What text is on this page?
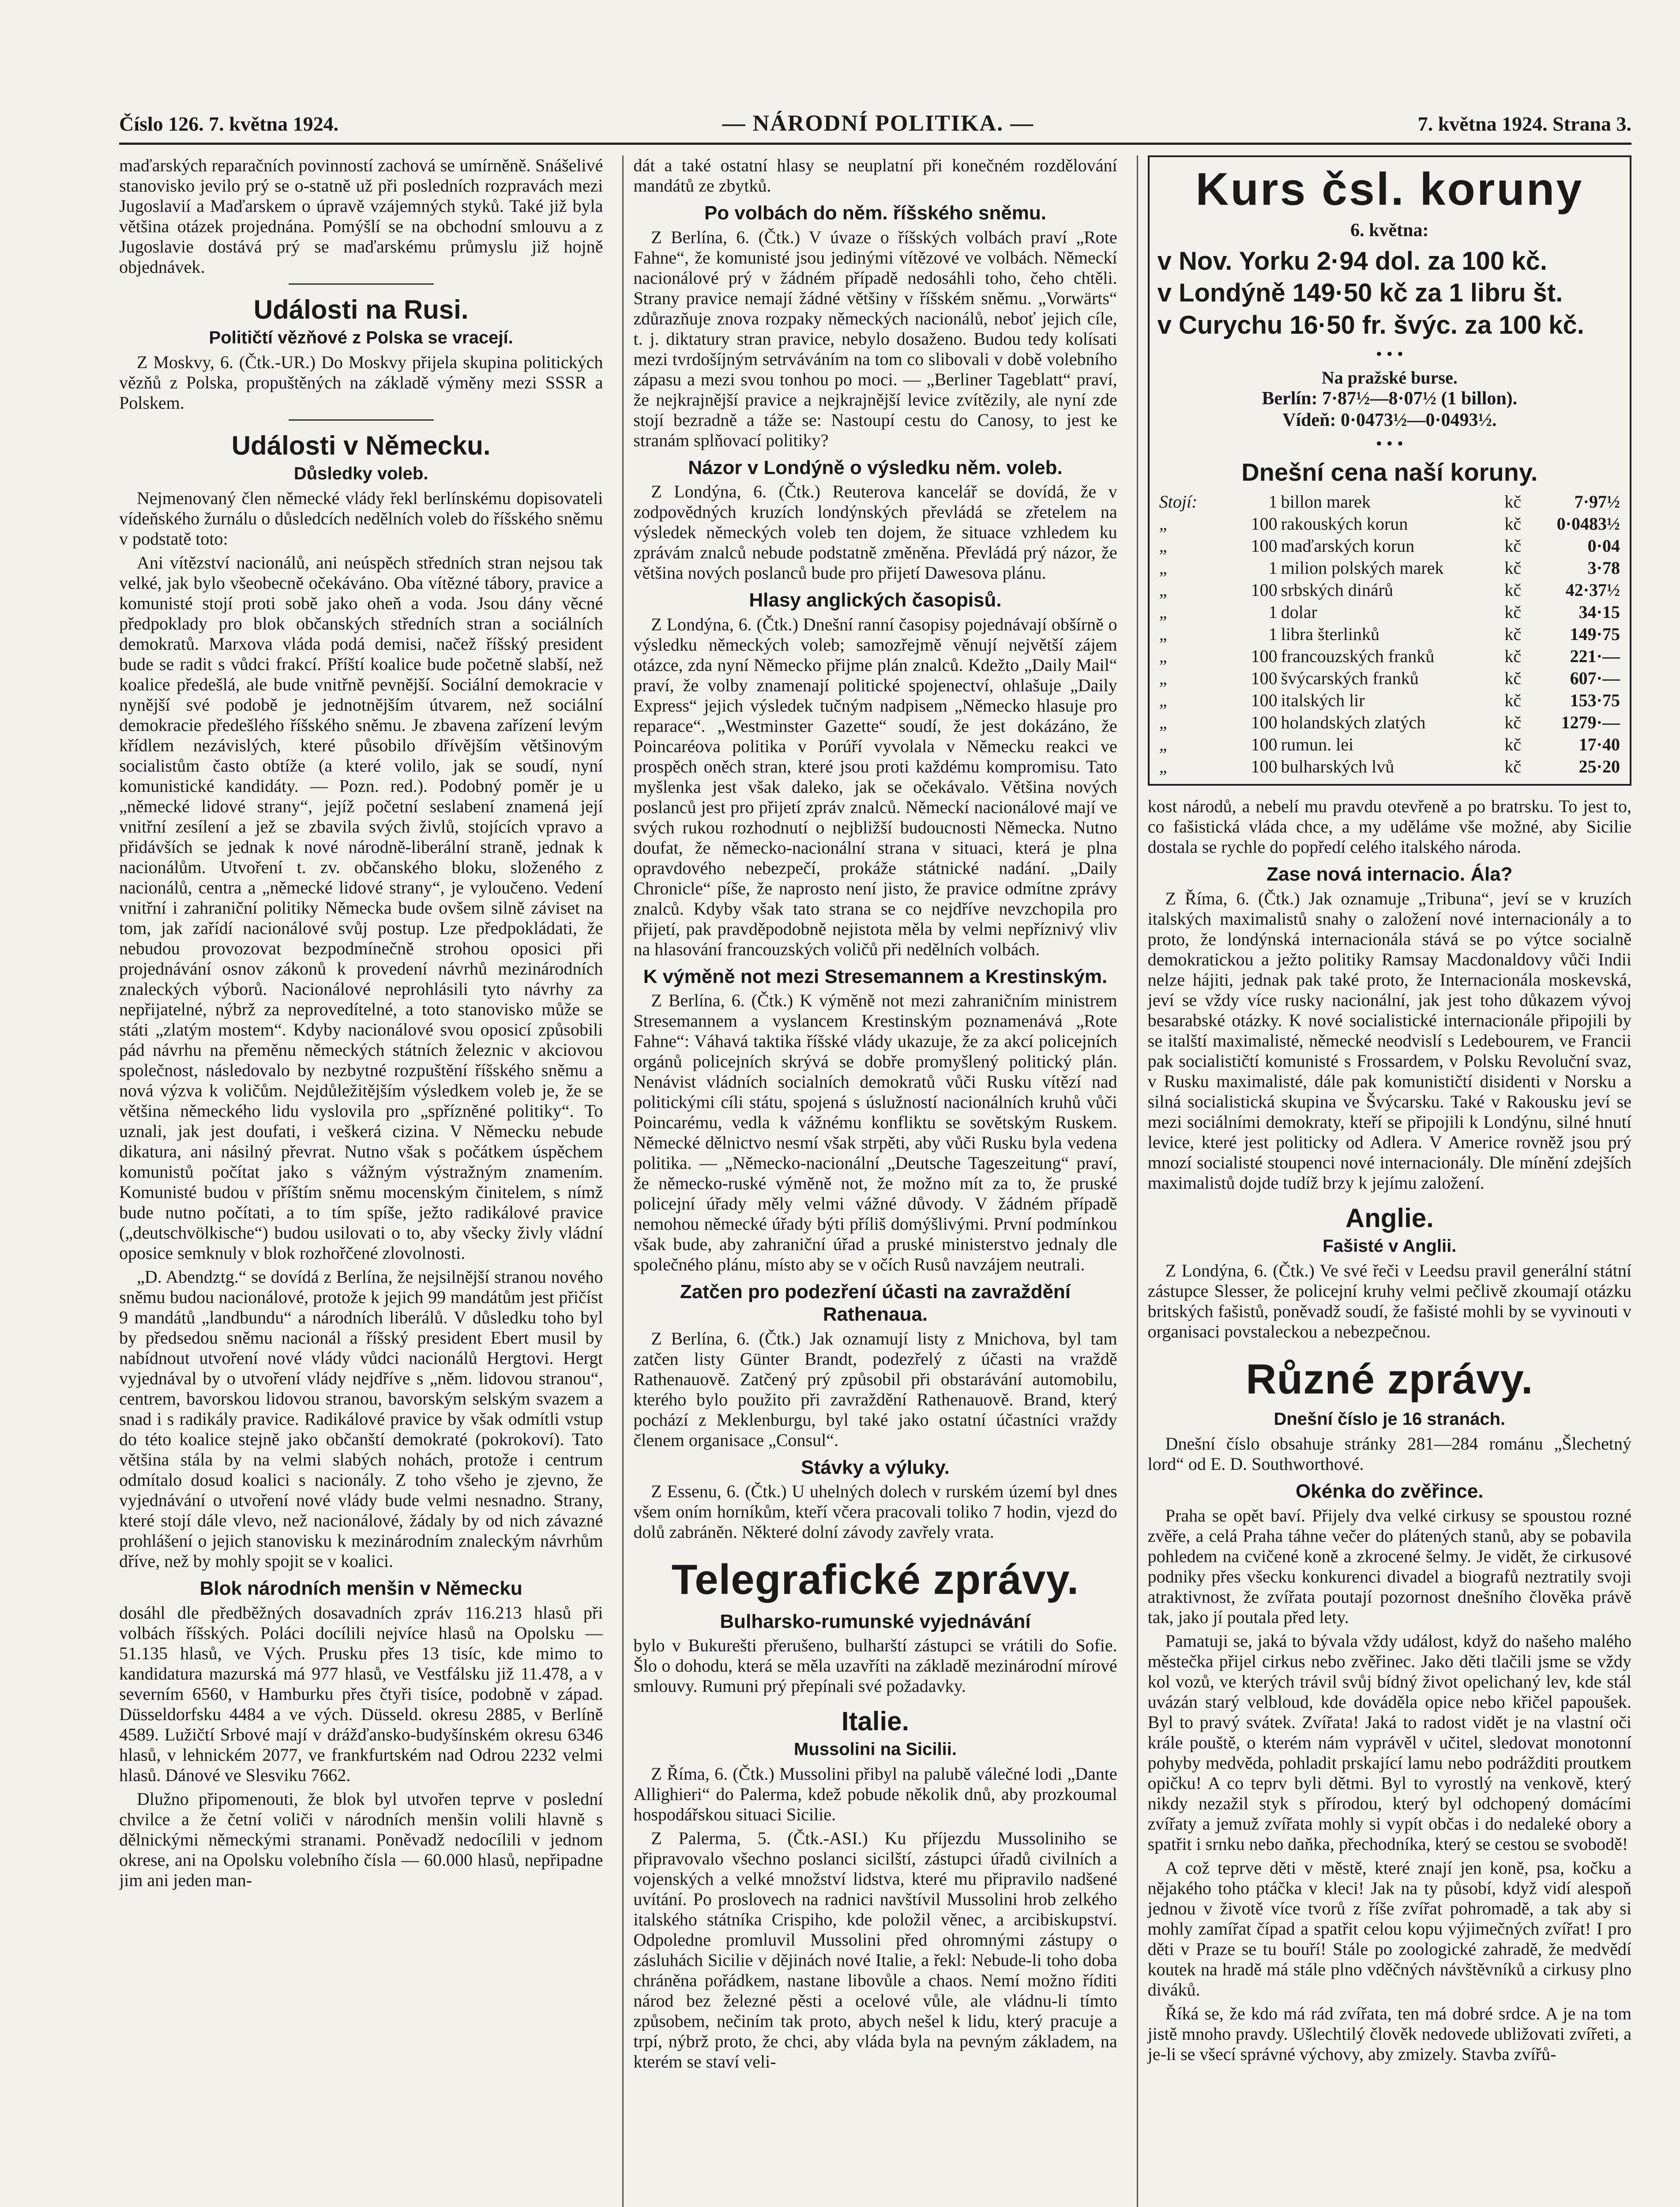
Číslo 126. 7. května 1924.	— NÁRODNÍ POLITIKA. —	7. května 1924. Strana 3.

maďarských reparačních povinností zachová se umírněně. Snášelivé stanovisko jevilo prý se o-statně už při posledních rozpravách mezi Jugoslavií a Maďarskem o úpravě vzájemných styků. Také již byla většina otázek projednána. Pomýšlí se na obchodní smlouvu a z Jugoslavie dostává prý se maďarskému průmyslu již hojně objednávek.

Události na Rusi.
Političtí vězňové z Polska se vracejí.

Z Moskvy, 6. (Čtk.-UR.) Do Moskvy přijela skupina politických vězňů z Polska, propuštěných na základě výměny mezi SSSR a Polskem.

Události v Německu.
Důsledky voleb.

Nejmenovaný člen německé vlády řekl berlínskému dopisovateli vídeňského žurnálu o důsledcích nedělních voleb do říšského sněmu v podstatě toto:

Ani vítězství nacionálů, ani neúspěch středních stran nejsou tak velké, jak bylo všeobecně očekáváno. Oba vítězné tábory, pravice a komunisté stojí proti sobě jako oheň a voda. Jsou dány věcné předpoklady pro blok občanských středních stran a sociálních demokratů. Marxova vláda podá demisi, načež říšský president bude se radit s vůdci frakcí. Příští koalice bude početně slabší, než koalice předešlá, ale bude vnitřně pevnější. Sociální demokracie v nynější své podobě je jednotnějším útvarem, než sociální demokracie předešlého říšského sněmu. Je zbavena zařízení levým křídlem nezávislých, které působilo dřívějším většinovým socialistům často obtíže (a které volilo, jak se soudí, nyní komunistické kandidáty. — Pozn. red.). Podobný poměr je u „německé lidové strany“, jejíž početní seslabení znamená její vnitřní zesílení a jež se zbavila svých živlů, stojících vpravo a přidávších se jednak k nové národně-liberální straně, jednak k nacionálům. Utvoření t. zv. občanského bloku, složeného z nacionálů, centra a „německé lidové strany“, je vyloučeno. Vedení vnitřní i zahraniční politiky Německa bude ovšem silně záviset na tom, jak zařídí nacionálové svůj postup. Lze předpokládati, že nebudou provozovat bezpodmínečně strohou oposici při projednávání osnov zákonů k provedení návrhů mezinárodních znaleckých výborů. Nacionálové neprohlásili tyto návrhy za nepřijatelné, nýbrž za neprovedítelné, a toto stanovisko může se státi „zlatým mostem“. Kdyby nacionálové svou oposicí způsobili pád návrhu na přeměnu německých státních železnic v akciovou společnost, následovalo by nezbytné rozpuštění říšského sněmu a nová výzva k voličům. Nejdůležitějším výsledkem voleb je, že se většina německého lidu vyslovila pro „spřízněné politiky“. To uznali, jak jest doufati, i veškerá cizina. V Německu nebude dikatura, ani násilný převrat. Nutno však s počátkem úspěchem komunistů počítat jako s vážným výstražným znamením. Komunisté budou v příštím sněmu mocenským činitelem, s nímž bude nutno počítati, a to tím spíše, ježto radikálové pravice („deutschvölkische“) budou usilovati o to, aby všecky živly vládní oposice semknuly v blok rozhořčené zlovolnosti.

„D. Abendztg.“ se dovídá z Berlína, že nejsilnější stranou nového sněmu budou nacionálové, protože k jejich 99 mandátům jest přičíst 9 mandátů „landbundu“ a národních liberálů. V důsledku toho byl by předsedou sněmu nacionál a říšský president Ebert musil by nabídnout utvoření nové vlády vůdci nacionálů Hergtovi. Hergt vyjednával by o utvoření vlády nejdříve s „něm. lidovou stranou“, centrem, bavorskou lidovou stranou, bavorským selským svazem a snad i s radikály pravice. Radikálové pravice by však odmítli vstup do této koalice stejně jako občanští demokraté (pokrokoví). Tato většina stála by na velmi slabých nohách, protože i centrum odmítalo dosud koalici s nacionály. Z toho všeho je zjevno, že vyjednávání o utvoření nové vlády bude velmi nesnadno. Strany, které stojí dále vlevo, než nacionálové, žádaly by od nich závazné prohlášení o jejich stanovisku k mezinárodním znaleckým návrhům dříve, než by mohly spojit se v koalici.

Blok národních menšin v Německu

dosáhl dle předběžných dosavadních zpráv 116.213 hlasů při volbách říšských. Poláci docílili nejvíce hlasů na Opolsku — 51.135 hlasů, ve Vých. Prusku přes 13 tisíc, kde mimo to kandidatura mazurská má 977 hlasů, ve Vestfálsku již 11.478, a v severním 6560, v Hamburku přes čtyři tisíce, podobně v západ. Düsseldorfsku 4484 a ve vých. Düsseld. okresu 2885, v Berlíně 4589. Lužičtí Srbové mají v drážďansko-budyšínském okresu 6346 hlasů, v lehnickém 2077, ve frankfurtském nad Odrou 2232 velmi hlasů. Dánové ve Slesviku 7662.

Dlužno připomenouti, že blok byl utvořen teprve v poslední chvilce a že četní voliči v národních menšin volili hlavně s dělnickými německými stranami. Poněvadž nedocílili v jednom okrese, ani na Opolsku volebního čísla — 60.000 hlasů, nepřipadne jim ani jeden man-

dát a také ostatní hlasy se neuplatní při konečném rozdělování mandátů ze zbytků.

Po volbách do něm. říšského sněmu.

Z Berlína, 6. (Čtk.) V úvaze o říšských volbách praví „Rote Fahne“, že komunisté jsou jedinými vítězové ve volbách. Německí nacionálové prý v žádném případě nedosáhli toho, čeho chtěli. Strany pravice nemají žádné většiny v říšském sněmu. „Vorwärts“ zdůrazňuje znova rozpaky německých nacionálů, neboť jejich cíle, t. j. diktatury stran pravice, nebylo dosaženo. Budou tedy kolísati mezi tvrdošíjným setrváváním na tom co slibovali v době volebního zápasu a mezi svou tonhou po moci. — „Berliner Tageblatt“ praví, že nejkrajnější pravice a nejkrajnější levice zvítězily, ale nyní zde stojí bezradně a táže se: Nastoupí cestu do Canosy, to jest ke stranám splňovací politiky?

Názor v Londýně o výsledku něm. voleb.

Z Londýna, 6. (Čtk.) Reuterova kancelář se dovídá, že v zodpovědných kruzích londýnských převládá se zřetelem na výsledek německých voleb ten dojem, že situace vzhledem ku zprávám znalců nebude podstatně změněna. Převládá prý názor, že většina nových poslanců bude pro přijetí Dawesova plánu.

Hlasy anglických časopisů.

Z Londýna, 6. (Čtk.) Dnešní ranní časopisy pojednávají obšírně o výsledku německých voleb; samozřejmě věnují největší zájem otázce, zda nyní Německo přijme plán znalců. Kdežto „Daily Mail“ praví, že volby znamenají politické spojenectví, ohlašuje „Daily Express“ jejich výsledek tučným nadpisem „Německo hlasuje pro reparace“. „Westminster Gazette“ soudí, že jest dokázáno, že Poincaréova politika v Porúří vyvolala v Německu reakci ve prospěch oněch stran, které jsou proti každému kompromisu. Tato myšlenka jest však daleko, jak se očekávalo. Většina nových poslanců jest pro přijetí zpráv znalců. Německí nacionálové mají ve svých rukou rozhodnutí o nejbližší budoucnosti Německa. Nutno doufat, že německo-nacionální strana v situaci, která je plna opravdového nebezpečí, prokáže státnické nadání. „Daily Chronicle“ píše, že naprosto není jisto, že pravice odmítne zprávy znalců. Kdyby však tato strana se co nejdříve nevzchopila pro přijetí, pak pravděpodobně nejistota měla by velmi nepříznivý vliv na hlasování francouzských voličů při nedělních volbách.

K výměně not mezi Stresemannem a Krestinským.

Z Berlína, 6. (Čtk.) K výměně not mezi zahraničním ministrem Stresemannem a vyslancem Krestinským poznamenává „Rote Fahne“: Váhavá taktika říšské vlády ukazuje, že za akcí policejních orgánů policejních skrývá se dobře promyšlený politický plán. Nenávist vládních socialních demokratů vůči Rusku vítězí nad politickými cíli státu, spojená s úslužností nacionálních kruhů vůči Poincarému, vedla k vážnému konfliktu se sovětským Ruskem. Německé dělnictvo nesmí však strpěti, aby vůči Rusku byla vedena politika. — „Německo-nacionální „Deutsche Tageszeitung“ praví, že německo-ruské výměně not, že možno mít za to, že pruské policejní úřady měly velmi vážné důvody. V žádném případě nemohou německé úřady býti příliš domýšlivými. První podmínkou však bude, aby zahraniční úřad a pruské ministerstvo jednaly dle společného plánu, místo aby se v očích Rusů navzájem neutrali.

Zatčen pro podezření účasti na zavraždění Rathenaua.

Z Berlína, 6. (Čtk.) Jak oznamují listy z Mnichova, byl tam zatčen listy Günter Brandt, podezřelý z účasti na vraždě Rathenauově. Zatčený prý způsobil při obstarávání automobilu, kterého bylo použito při zavraždění Rathenauově. Brand, který pochází z Meklenburgu, byl také jako ostatní účastníci vraždy členem organisace „Consul“.

Stávky a výluky.

Z Essenu, 6. (Čtk.) U uhelných dolech v rurském území byl dnes všem oním horníkům, kteří včera pracovali toliko 7 hodin, vjezd do dolů zabráněn. Některé dolní závody zavřely vrata.

Telegrafické zprávy.
Bulharsko-rumunské vyjednávání

bylo v Bukurešti přerušeno, bulharští zástupci se vrátili do Sofie. Šlo o dohodu, která se měla uzavříti na základě mezinárodní mírové smlouvy. Rumuni prý přepínali své požadavky.

Italie.
Mussolini na Sicilii.

Z Říma, 6. (Čtk.) Mussolini přibyl na palubě válečné lodi „Dante Allighieri“ do Palerma, kdež pobude několik dnů, aby prozkoumal hospodářskou situaci Sicilie.

Z Palerma, 5. (Čtk.-ASI.) Ku příjezdu Mussoliniho se připravovalo všechno poslanci sicilští, zástupci úřadů civilních a vojenských a velké množství lidstva, které mu připravilo nadšené uvítání. Po proslovech na radnici navštívil Mussolini hrob zelkého italského státníka Crispiho, kde položil věnec, a arcibiskupství. Odpoledne promluvil Mussolini před ohromnými zástupy o zásluhách Sicilie v dějinách nové Italie, a řekl: Nebude-li toho doba chráněna pořádkem, nastane libovůle a chaos. Nemí možno říditi národ bez železné pěsti a ocelové vůle, ale vládnu-li tímto způsobem, nečiním tak proto, abych nešel k lidu, který pracuje a trpí, nýbrž proto, že chci, aby vláda byla na pevným základem, na kterém se staví veli-

Kurs čsl. koruny
6. května:
v Nov. Yorku 2·94 dol. za 100 kč.
v Londýně 149·50 kč za 1 libru št.
v Curychu 16·50 fr. švýc. za 100 kč.
• • •
Na pražské burse.
Berlín: 7·87½—8·07½ (1 billon).
Vídeň: 0·0473½—0·0493½.
• • •
Dnešní cena naší koruny.
Stojí:	1	billon marek	kč	7·97½
„	100	rakouských korun	kč	0·0483½
„	100	maďarských korun	kč	0·04
„	1	milion polských marek	kč	3·78
„	100	srbských dinárů	kč	42·37½
„	1	dolar	kč	34·15
„	1	libra šterlinků	kč	149·75
„	100	francouzských franků	kč	221·—
„	100	švýcarských franků	kč	607·—
„	100	italských lir	kč	153·75
„	100	holandských zlatých	kč	1279·—
„	100	rumun. lei	kč	17·40
„	100	bulharských lvů	kč	25·20

kost národů, a nebelí mu pravdu otevřeně a po bratrsku. To jest to, co fašistická vláda chce, a my uděláme vše možné, aby Sicilie dostala se rychle do popředí celého italského národa.

Zase nová internacio. Ála?

Z Říma, 6. (Čtk.) Jak oznamuje „Tribuna“, jeví se v kruzích italských maximalistů snahy o založení nové internacionály a to proto, že londýnská internacionála stává se po výtce socialně demokratickou a ježto politiky Ramsay Macdonaldovy vůči Indii nelze hájiti, jednak pak také proto, že Internacionála moskevská, jeví se vždy více rusky nacionální, jak jest toho důkazem vývoj besarabské otázky. K nové socialistické internacionále připojili by se italští maximalisté, německé neodvislí s Ledebourem, ve Francii pak socialističtí komunisté s Frossardem, v Polsku Revoluční svaz, v Rusku maximalisté, dále pak komunističtí disidenti v Norsku a silná socialistická skupina ve Švýcarsku. Také v Rakousku jeví se mezi sociálními demokraty, kteří se připojili k Londýnu, silné hnutí levice, které jest politicky od Adlera. V Americe rovněž jsou prý mnozí socialisté stoupenci nové internacionály. Dle mínění zdejších maximalistů dojde tudíž brzy k jejímu založení.

Anglie.
Fašisté v Anglii.

Z Londýna, 6. (Čtk.) Ve své řeči v Leedsu pravil generální státní zástupce Slesser, že policejní kruhy velmi pečlivě zkoumají otázku britských fašistů, poněvadž soudí, že fašisté mohli by se vyvinouti v organisaci povstaleckou a nebezpečnou.

Různé zprávy.
Dnešní číslo je 16 stranách.

Dnešní číslo obsahuje stránky 281—284 románu „Šlechetný lord“ od E. D. Southworthové.

Okénka do zvěřince.

Praha se opět baví. Přijely dva velké cirkusy se spoustou rozné zvěře, a celá Praha táhne večer do plátených stanů, aby se pobavila pohledem na cvičené koně a zkrocené šelmy. Je vidět, že cirkusové podniky přes všecku konkurenci divadel a biografů neztratily svoji atraktivnost, že zvířata poutají pozornost dnešního člověka právě tak, jako jí poutala před lety.

Pamatuji se, jaká to bývala vždy událost, když do našeho malého městečka přijel cirkus nebo zvěřinec. Jako děti tlačili jsme se vždy kol vozů, ve kterých trávil svůj bídný život opelichaný lev, kde stál uvázán starý velbloud, kde dováděla opice nebo křičel papoušek. Byl to pravý svátek. Zvířata! Jaká to radost vidět je na vlastní oči krále pouště, o kterém nám vyprávěl v učitel, sledovat monotonní pohyby medvěda, pohladit prskající lamu nebo podrážditi proutkem opičku! A co teprv byli dětmi. Byl to vyrostlý na venkově, který nikdy nezažil styk s přírodou, který byl odchopený domácími zvířaty a jemuž zvířata mohly si vypít občas i do nedaleké obory a spatřit i srnku nebo daňka, přechodníka, který se cestou se svobodě!

A což teprve děti v městě, které znají jen koně, psa, kočku a nějakého toho ptáčka v kleci! Jak na ty působí, když vidí alespoň jednou v životě více tvorů z říše zvířat pohromadě, a tak aby si mohly zamířat čípad a spatřit celou kopu výjimečných zvířat! I pro děti v Praze se tu bouří! Stále po zoologické zahradě, že medvědí koutek na hradě má stále plno vděčných návštěvníků a cirkusy plno diváků.

Říká se, že kdo má rád zvířata, ten má dobré srdce. A je na tom jistě mnoho pravdy. Ušlechtilý člověk nedovede ubližovati zvířeti, a je-li se všecí správné výchovy, aby zmizely. Stavba zvířů-
